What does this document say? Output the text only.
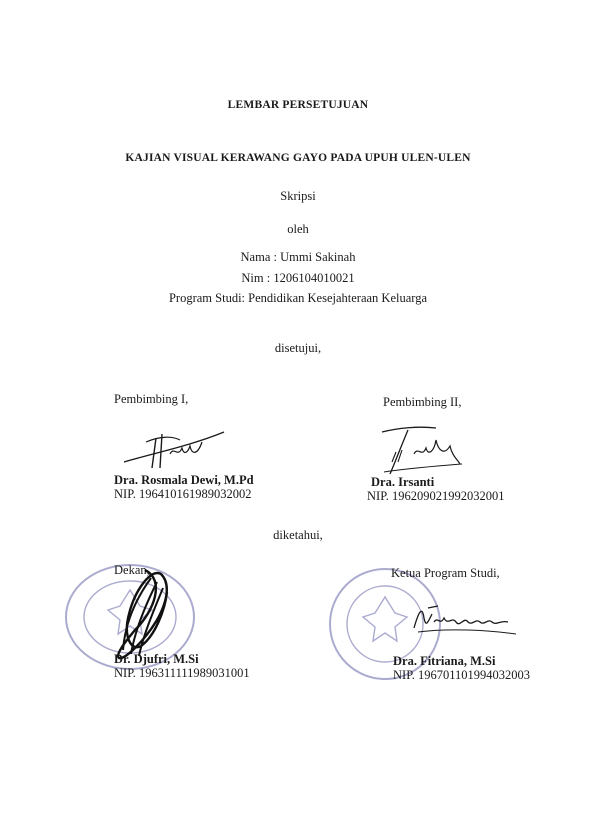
LEMBAR PERSETUJUAN
KAJIAN VISUAL KERAWANG GAYO PADA UPUH ULEN-ULEN
Skripsi
oleh
Nama : Ummi Sakinah
Nim : 1206104010021
Program Studi: Pendidikan Kesejahteraan Keluarga
disetujui,
Pembimbing I,
Dra. Rosmala Dewi, M.Pd
NIP. 196410161989032002
Pembimbing II,
Dra. Irsanti
NIP. 196209021992032001
diketahui,
Dekan,
Dr. Djufri, M.Si
NIP. 196311111989031001
Ketua Program Studi,
Dra. Fitriana, M.Si
NIP. 196701101994032003
